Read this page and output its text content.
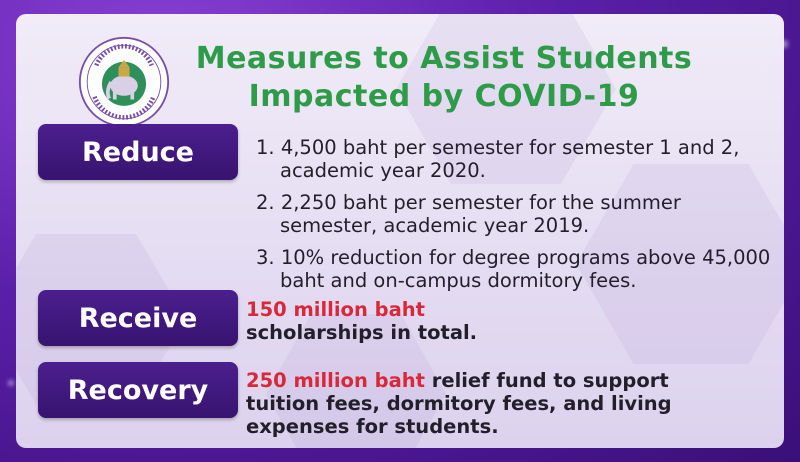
Measures to Assist Students
Impacted by COVID-19
Reduce	1. 4,500 baht per semester for semester 1 and 2, academic year 2020.
2. 2,250 baht per semester for the summer semester, academic year 2019.
3. 10% reduction for degree programs above 45,000 baht and on-campus dormitory fees.
Receive	150 million baht
scholarships in total.
Recovery	250 million baht relief fund to support tuition fees, dormitory fees, and living expenses for students.
